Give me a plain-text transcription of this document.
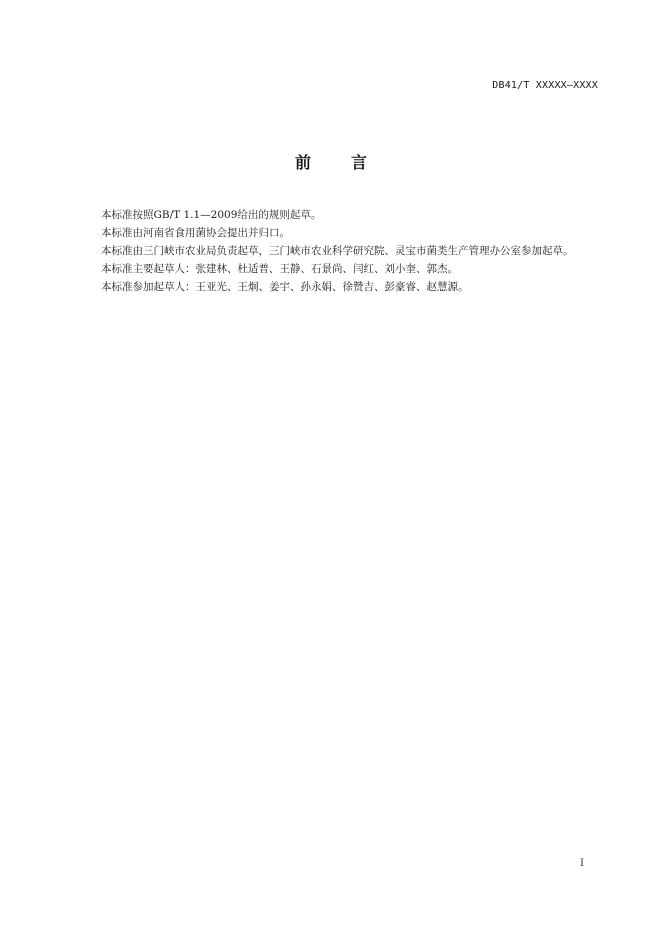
DB41/T XXXXX—XXXX
前	言

本标准按照GB/T 1.1—2009给出的规则起草。

本标准由河南省食用菌协会提出并归口。

本标准由三门峡市农业局负责起草，三门峡市农业科学研究院、灵宝市菌类生产管理办公室参加起草。

本标准主要起草人：张建林、杜适普、王静、石景尚、闫红、刘小奎、郭杰。

本标准参加起草人：王亚光、王炯、姜宇、孙永娟、徐赞吉、彭豪睿、赵慧源。

I
